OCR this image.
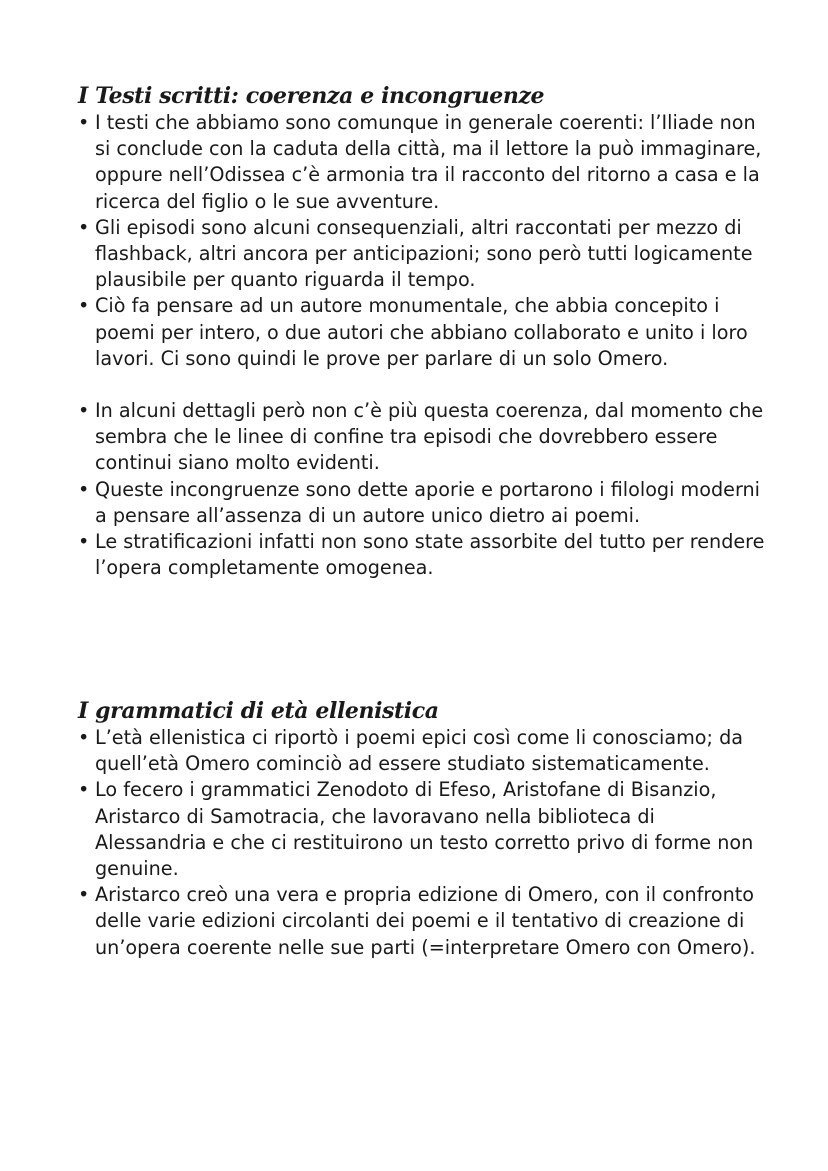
I Testi scritti: coerenza e incongruenze
• I testi che abbiamo sono comunque in generale coerenti: l’Iliade non si conclude con la caduta della città, ma il lettore la può immaginare, oppure nell’Odissea c’è armonia tra il racconto del ritorno a casa e la ricerca del figlio o le sue avventure.
• Gli episodi sono alcuni consequenziali, altri raccontati per mezzo di flashback, altri ancora per anticipazioni; sono però tutti logicamente plausibile per quanto riguarda il tempo.
• Ciò fa pensare ad un autore monumentale, che abbia concepito i poemi per intero, o due autori che abbiano collaborato e unito i loro lavori. Ci sono quindi le prove per parlare di un solo Omero.
• In alcuni dettagli però non c’è più questa coerenza, dal momento che sembra che le linee di confine tra episodi che dovrebbero essere continui siano molto evidenti.
• Queste incongruenze sono dette aporie e portarono i filologi moderni a pensare all’assenza di un autore unico dietro ai poemi.
• Le stratificazioni infatti non sono state assorbite del tutto per rendere l’opera completamente omogenea.
I grammatici di età ellenistica
• L’età ellenistica ci riportò i poemi epici così come li conosciamo; da quell’età Omero cominciò ad essere studiato sistematicamente.
• Lo fecero i grammatici Zenodoto di Efeso, Aristofane di Bisanzio, Aristarco di Samotracia, che lavoravano nella biblioteca di Alessandria e che ci restituirono un testo corretto privo di forme non genuine.
• Aristarco creò una vera e propria edizione di Omero, con il confronto delle varie edizioni circolanti dei poemi e il tentativo di creazione di un’opera coerente nelle sue parti (=interpretare Omero con Omero).
